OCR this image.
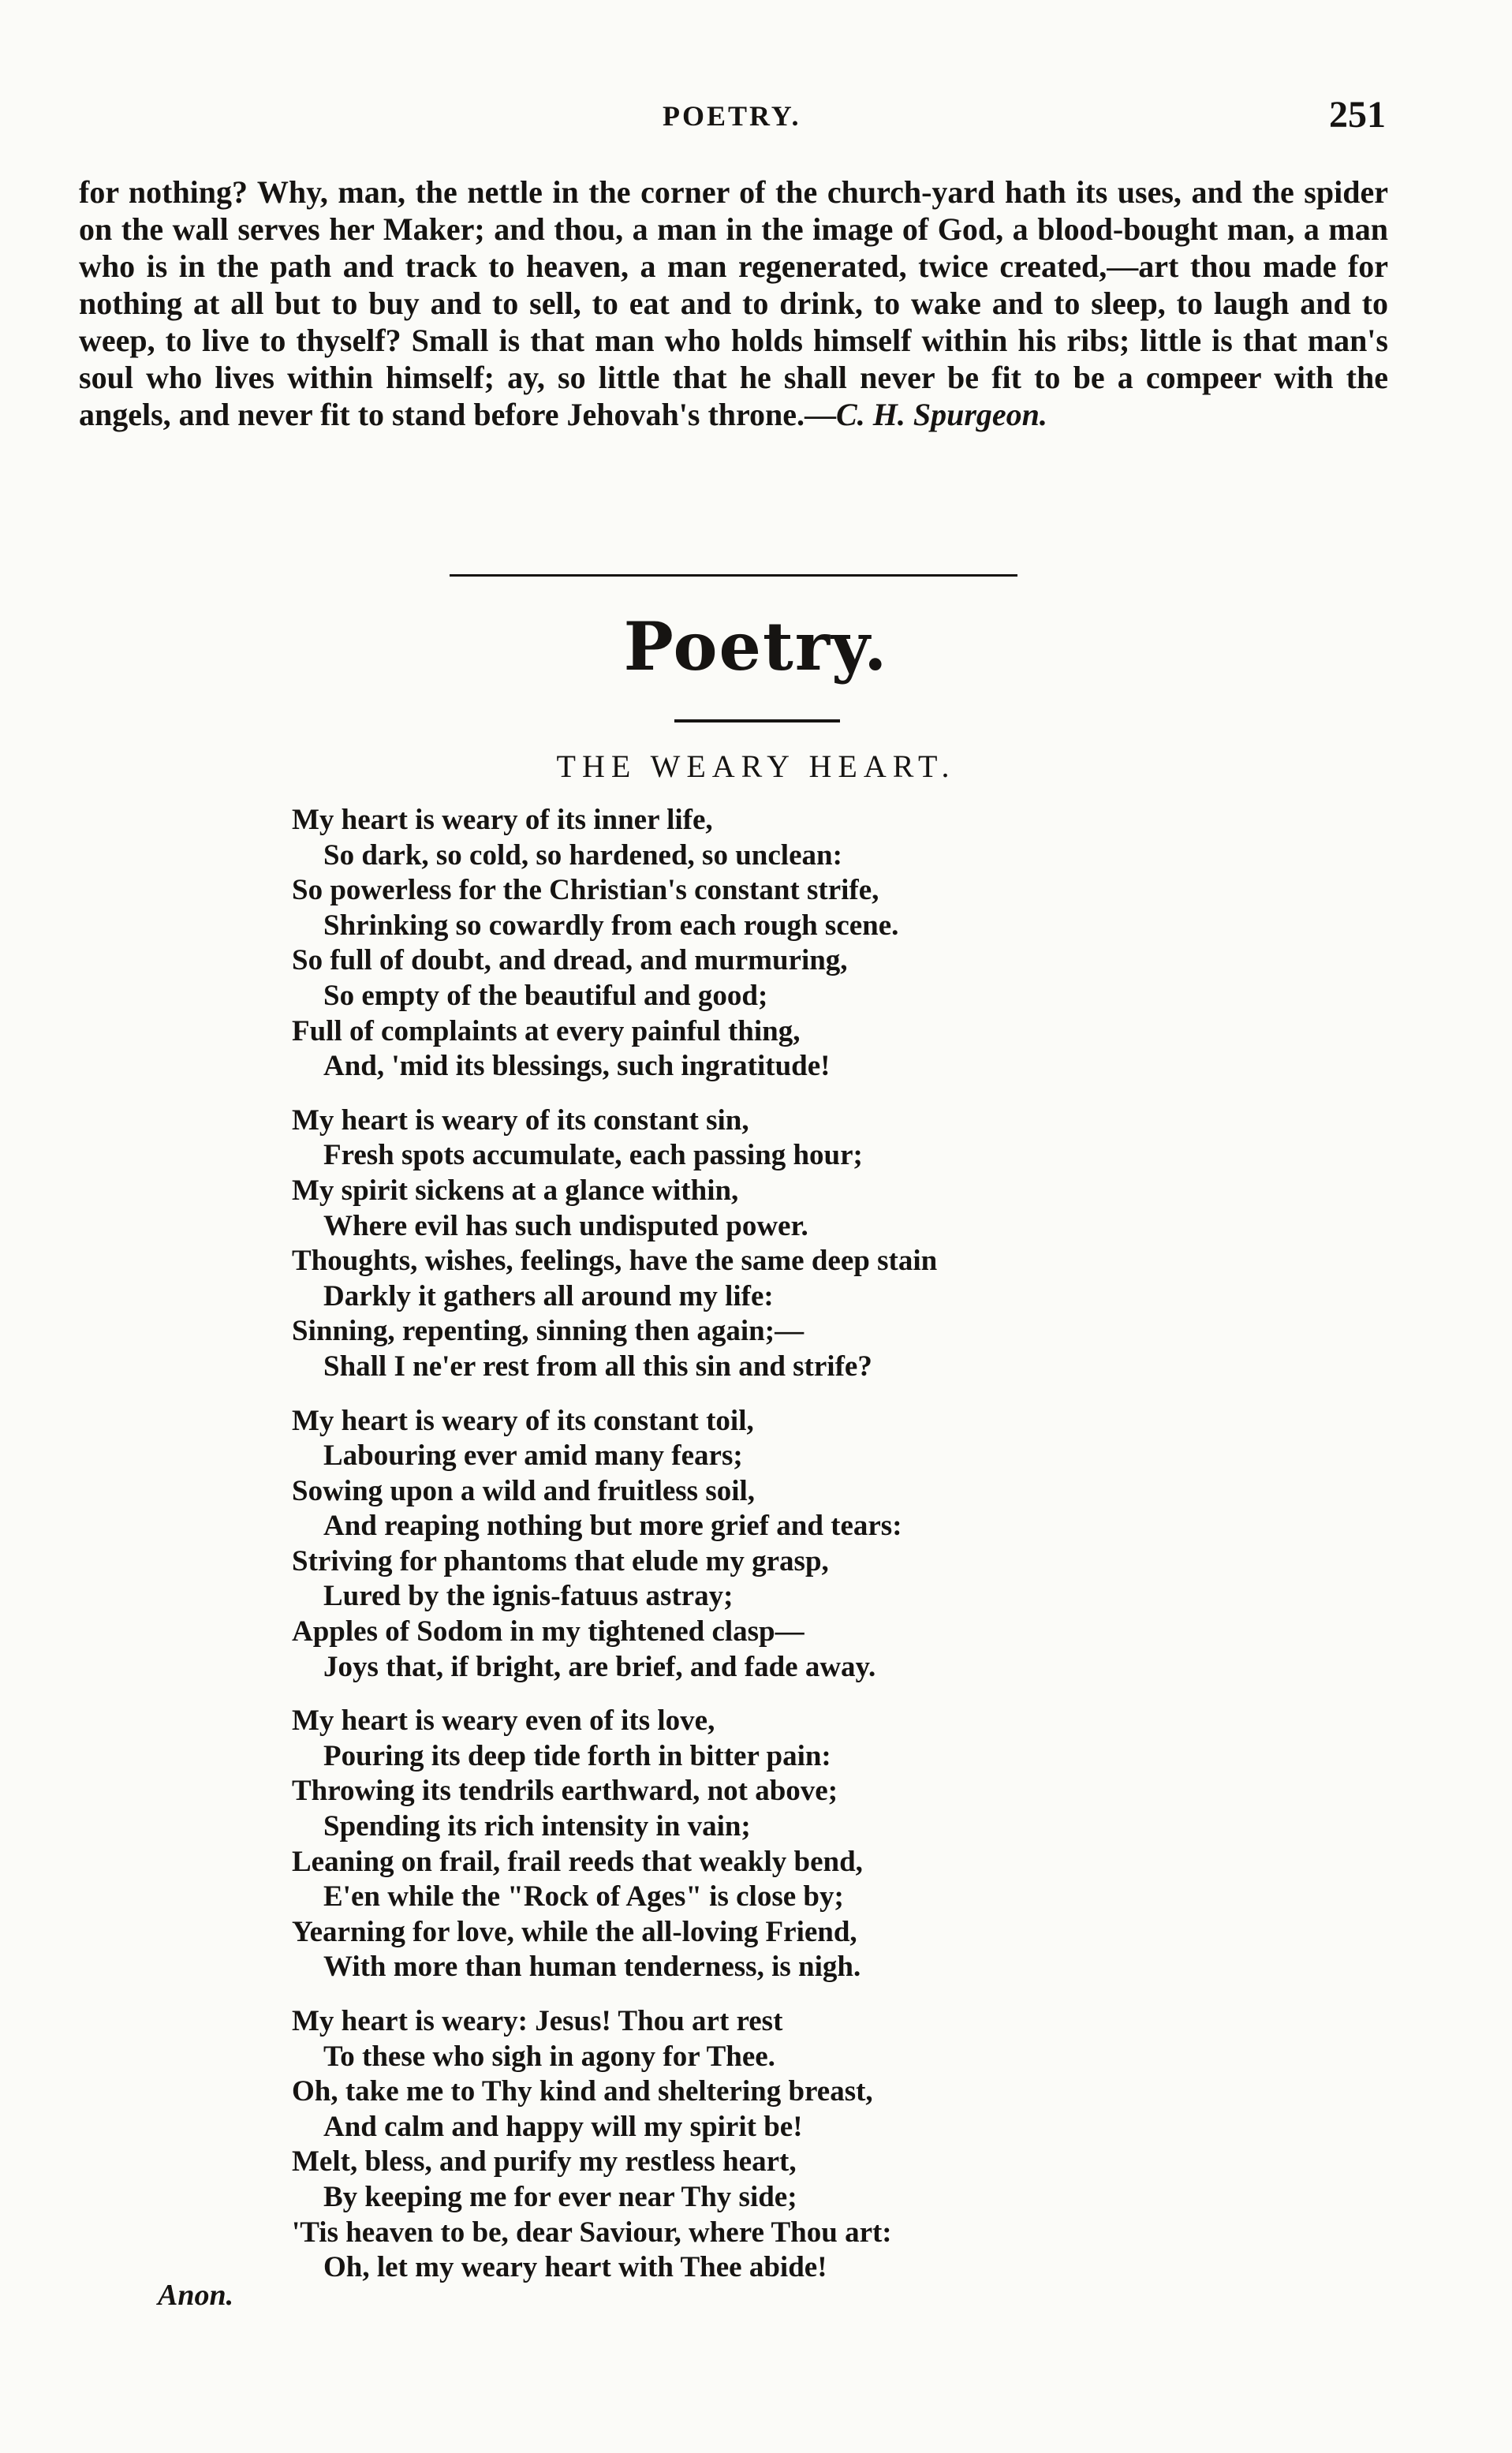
POETRY.	251
for nothing? Why, man, the nettle in the corner of the church-yard hath its uses, and the spider on the wall serves her Maker; and thou, a man in the image of God, a blood-bought man, a man who is in the path and track to heaven, a man regenerated, twice created,—art thou made for nothing at all but to buy and to sell, to eat and to drink, to wake and to sleep, to laugh and to weep, to live to thyself? Small is that man who holds himself within his ribs; little is that man's soul who lives within himself; ay, so little that he shall never be fit to be a compeer with the angels, and never fit to stand before Jehovah's throne.—C. H. Spurgeon.
Poetry.
THE WEARY HEART.
My heart is weary of its inner life,
So dark, so cold, so hardened, so unclean:
So powerless for the Christian's constant strife,
Shrinking so cowardly from each rough scene.
So full of doubt, and dread, and murmuring,
So empty of the beautiful and good;
Full of complaints at every painful thing,
And, 'mid its blessings, such ingratitude!
My heart is weary of its constant sin,
Fresh spots accumulate, each passing hour;
My spirit sickens at a glance within,
Where evil has such undisputed power.
Thoughts, wishes, feelings, have the same deep stain
Darkly it gathers all around my life:
Sinning, repenting, sinning then again;—
Shall I ne'er rest from all this sin and strife?
My heart is weary of its constant toil,
Labouring ever amid many fears;
Sowing upon a wild and fruitless soil,
And reaping nothing but more grief and tears:
Striving for phantoms that elude my grasp,
Lured by the ignis-fatuus astray;
Apples of Sodom in my tightened clasp—
Joys that, if bright, are brief, and fade away.
My heart is weary even of its love,
Pouring its deep tide forth in bitter pain:
Throwing its tendrils earthward, not above;
Spending its rich intensity in vain;
Leaning on frail, frail reeds that weakly bend,
E'en while the "Rock of Ages" is close by;
Yearning for love, while the all-loving Friend,
With more than human tenderness, is nigh.
My heart is weary: Jesus! Thou art rest
To these who sigh in agony for Thee.
Oh, take me to Thy kind and sheltering breast,
And calm and happy will my spirit be!
Melt, bless, and purify my restless heart,
By keeping me for ever near Thy side;
'Tis heaven to be, dear Saviour, where Thou art:
Oh, let my weary heart with Thee abide!
Anon.
